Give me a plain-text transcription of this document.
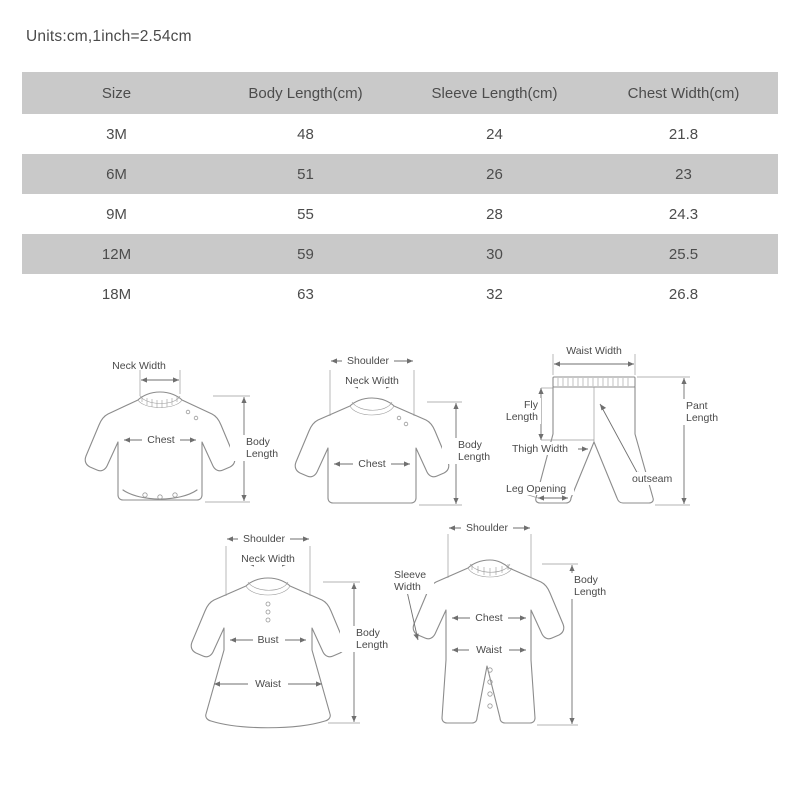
Units:cm,1inch=2.54cm
Size	Body Length(cm)	Sleeve Length(cm)	Chest Width(cm)
3M	48	24	21.8
6M	51	26	23
9M	55	28	24.3
12M	59	30	25.5
18M	63	32	26.8
Neck Width
Chest	Body
Length
Shoulder
Neck Width
Chest
Body
Length
Waist Width
Fly
Length
Thigh Width
Leg Opening
outseam
Pant
Length
Shoulder
Neck Width
Bust
Waist
Body
Length
Shoulder
Sleeve
Width
Chest
Waist
Body
Length
